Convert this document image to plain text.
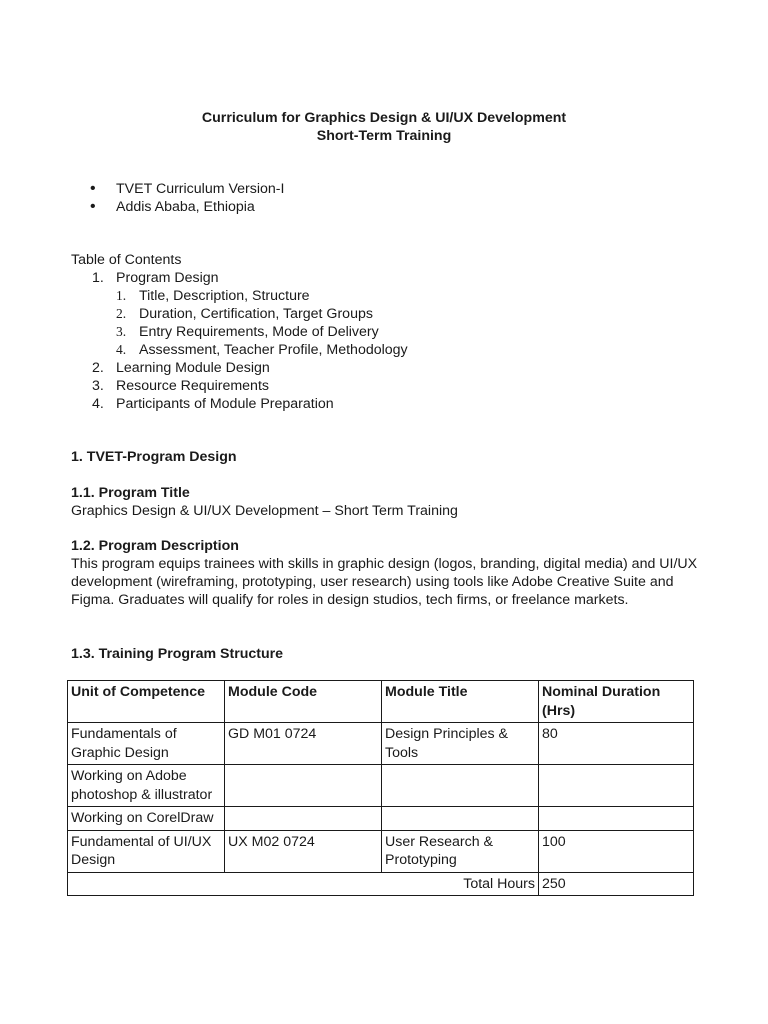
Curriculum for Graphics Design & UI/UX Development
Short-Term Training
• TVET Curriculum Version-I
• Addis Ababa, Ethiopia
Table of Contents
1. Program Design
1. Title, Description, Structure
2. Duration, Certification, Target Groups
3. Entry Requirements, Mode of Delivery
4. Assessment, Teacher Profile, Methodology
2. Learning Module Design
3. Resource Requirements
4. Participants of Module Preparation
1. TVET-Program Design
1.1. Program Title
Graphics Design & UI/UX Development – Short Term Training
1.2. Program Description
This program equips trainees with skills in graphic design (logos, branding, digital media) and UI/UX development (wireframing, prototyping, user research) using tools like Adobe Creative Suite and Figma. Graduates will qualify for roles in design studios, tech firms, or freelance markets.
1.3. Training Program Structure
Unit of Competence	Module Code	Module Title	Nominal Duration (Hrs)
Fundamentals of Graphic Design	GD M01 0724	Design Principles & Tools	80
Working on Adobe photoshop & illustrator			
Working on CorelDraw			
Fundamental of UI/UX Design	UX M02 0724	User Research & Prototyping	100
Total Hours			250
